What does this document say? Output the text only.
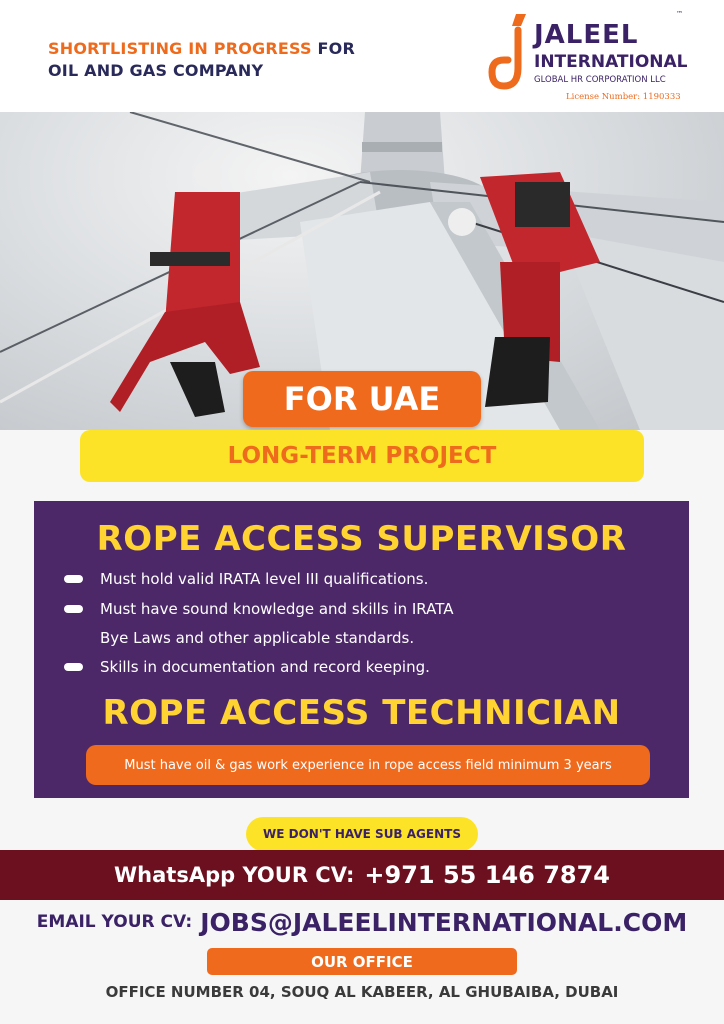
SHORTLISTING IN PROGRESS FOR
OIL AND GAS COMPANY
JALEEL
INTERNATIONAL
GLOBAL HR CORPORATION LLC
License Number: 1190333
™
FOR UAE
LONG-TERM PROJECT
ROPE ACCESS SUPERVISOR
Must hold valid IRATA level III qualifications.
Must have sound knowledge and skills in IRATA
Bye Laws and other applicable standards.
Skills in documentation and record keeping.
ROPE ACCESS TECHNICIAN
Must have oil & gas work experience in rope access field minimum 3 years
WE DON'T HAVE SUB AGENTS
WhatsApp YOUR CV: +971 55 146 7874
EMAIL YOUR CV: JOBS@JALEELINTERNATIONAL.COM
OUR OFFICE
OFFICE NUMBER 04, SOUQ AL KABEER, AL GHUBAIBA, DUBAI
